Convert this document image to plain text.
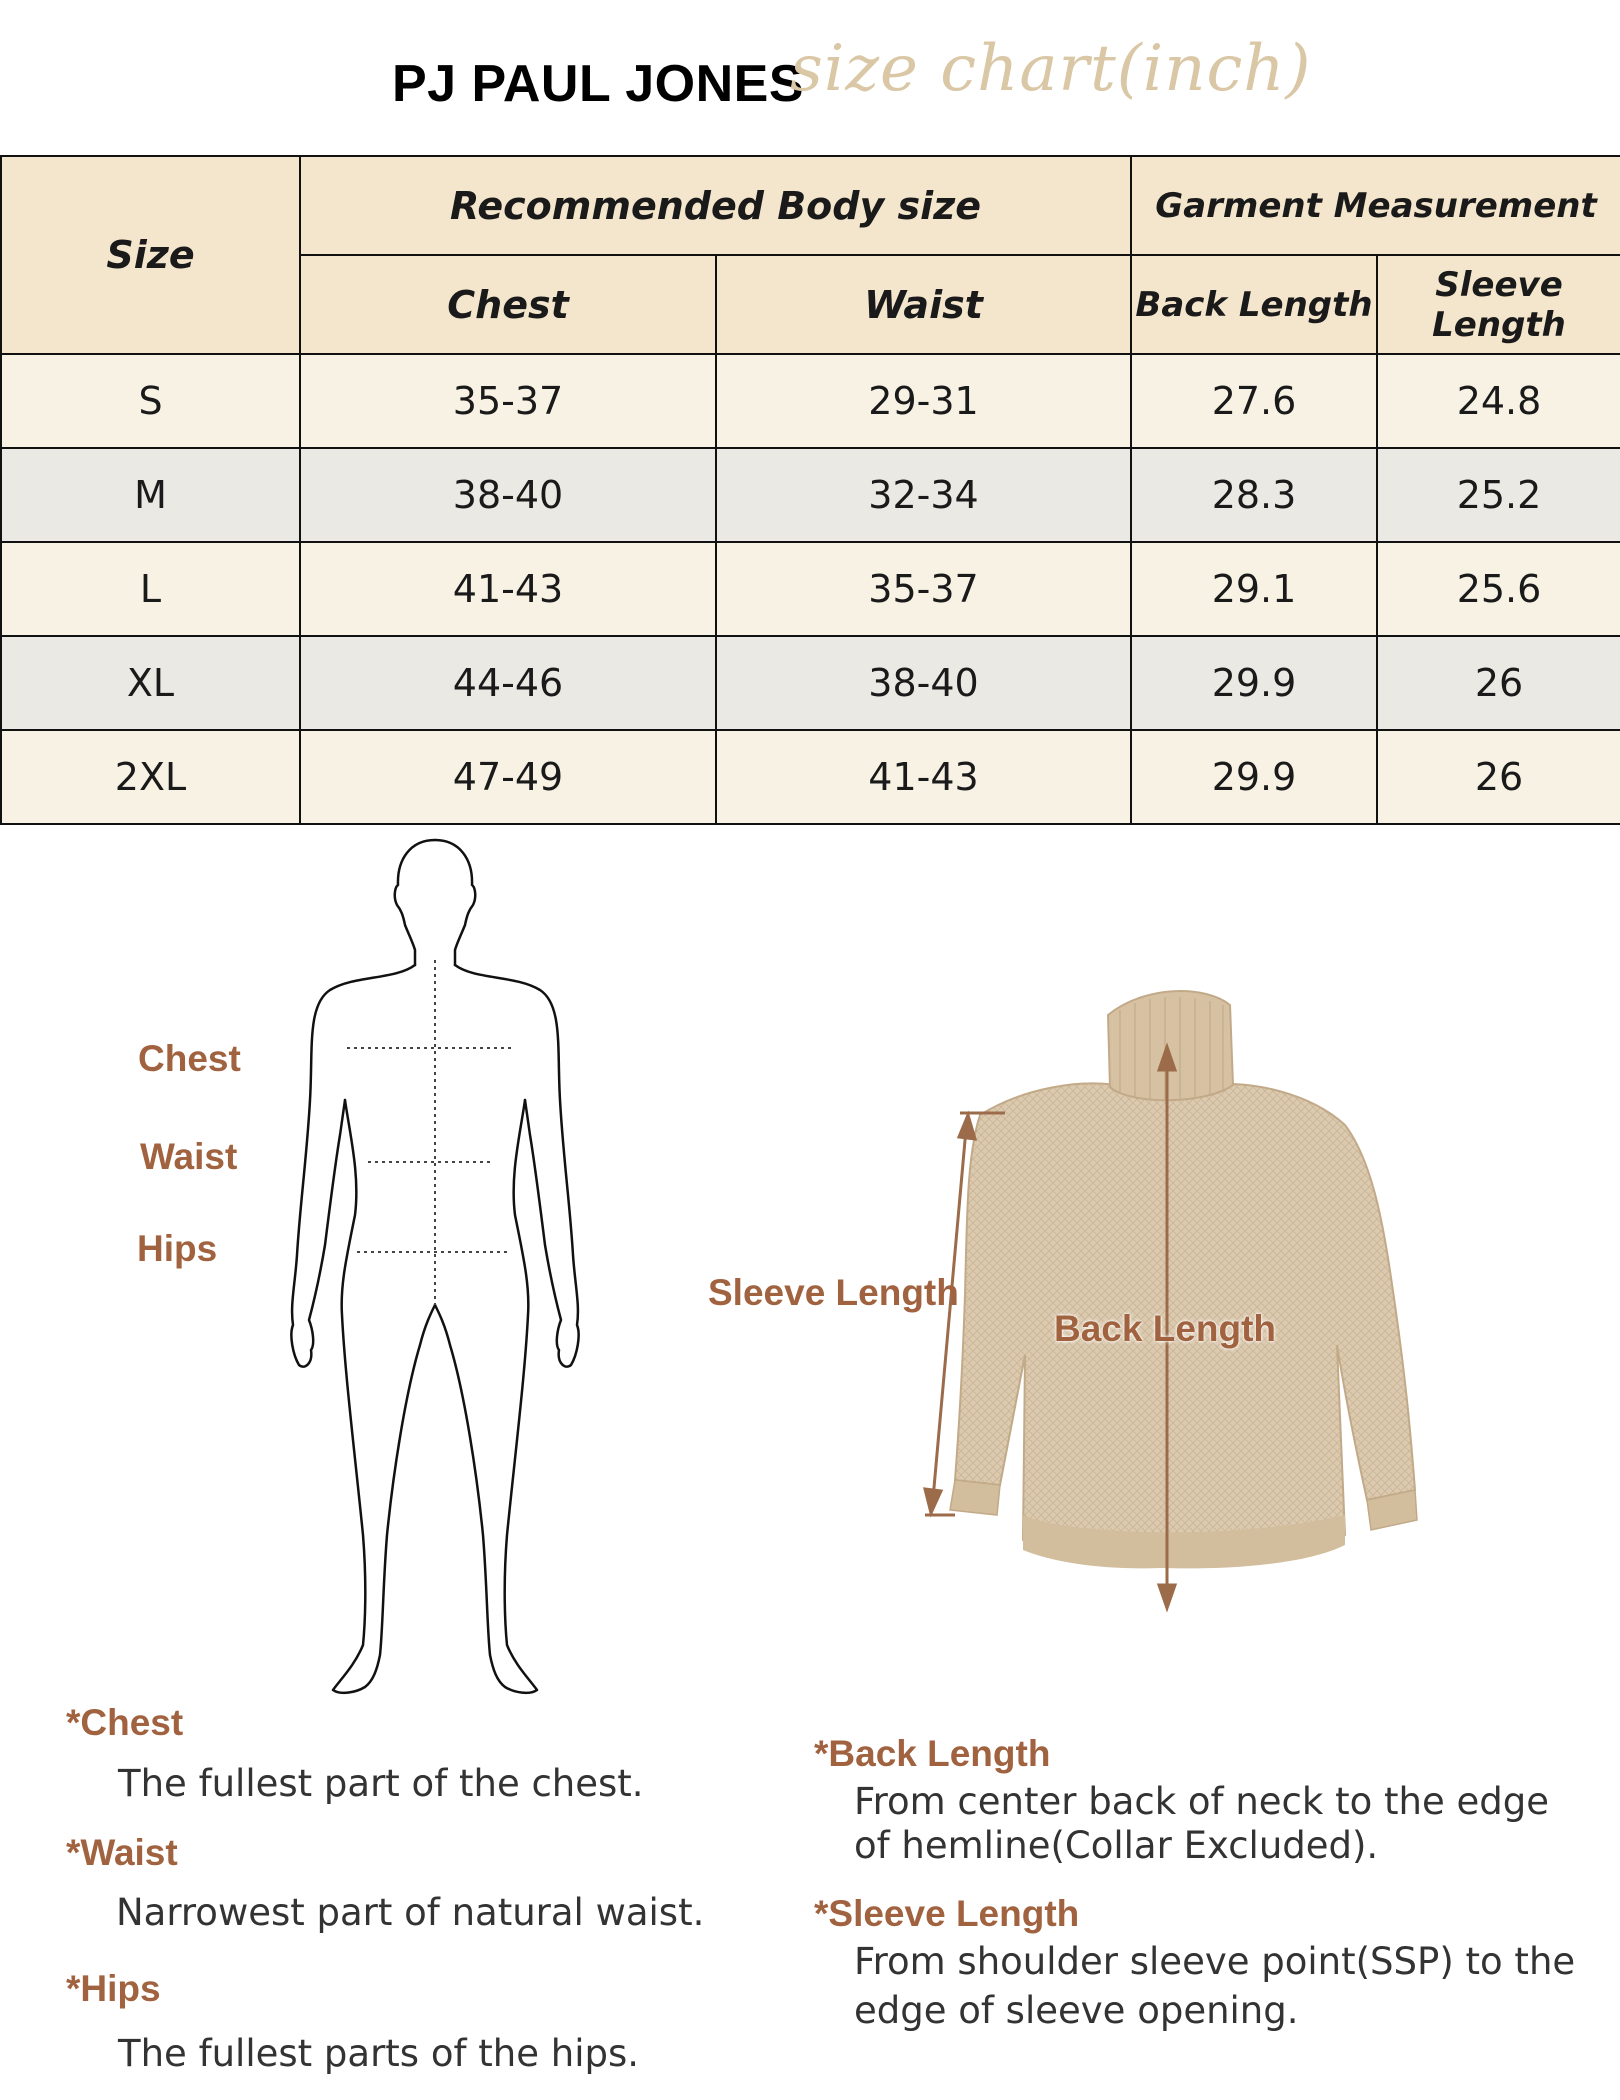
PJ PAUL JONES
size chart(inch)
Size	Recommended Body size		Garment Measurement	
	Chest	Waist	Back Length	Sleeve Length
S	35-37	29-31	27.6	24.8
M	38-40	32-34	28.3	25.2
L	41-43	35-37	29.1	25.6
XL	44-46	38-40	29.9	26
2XL	47-49	41-43	29.9	26
Chest
Waist
Hips
Sleeve Length
Back Length
*Chest
The fullest part of the chest.
*Waist
Narrowest part of natural waist.
*Hips
The fullest parts of the hips.
*Back Length
From center back of neck to the edge
of hemline(Collar Excluded).
*Sleeve Length
From shoulder sleeve point(SSP) to the
edge of sleeve opening.
